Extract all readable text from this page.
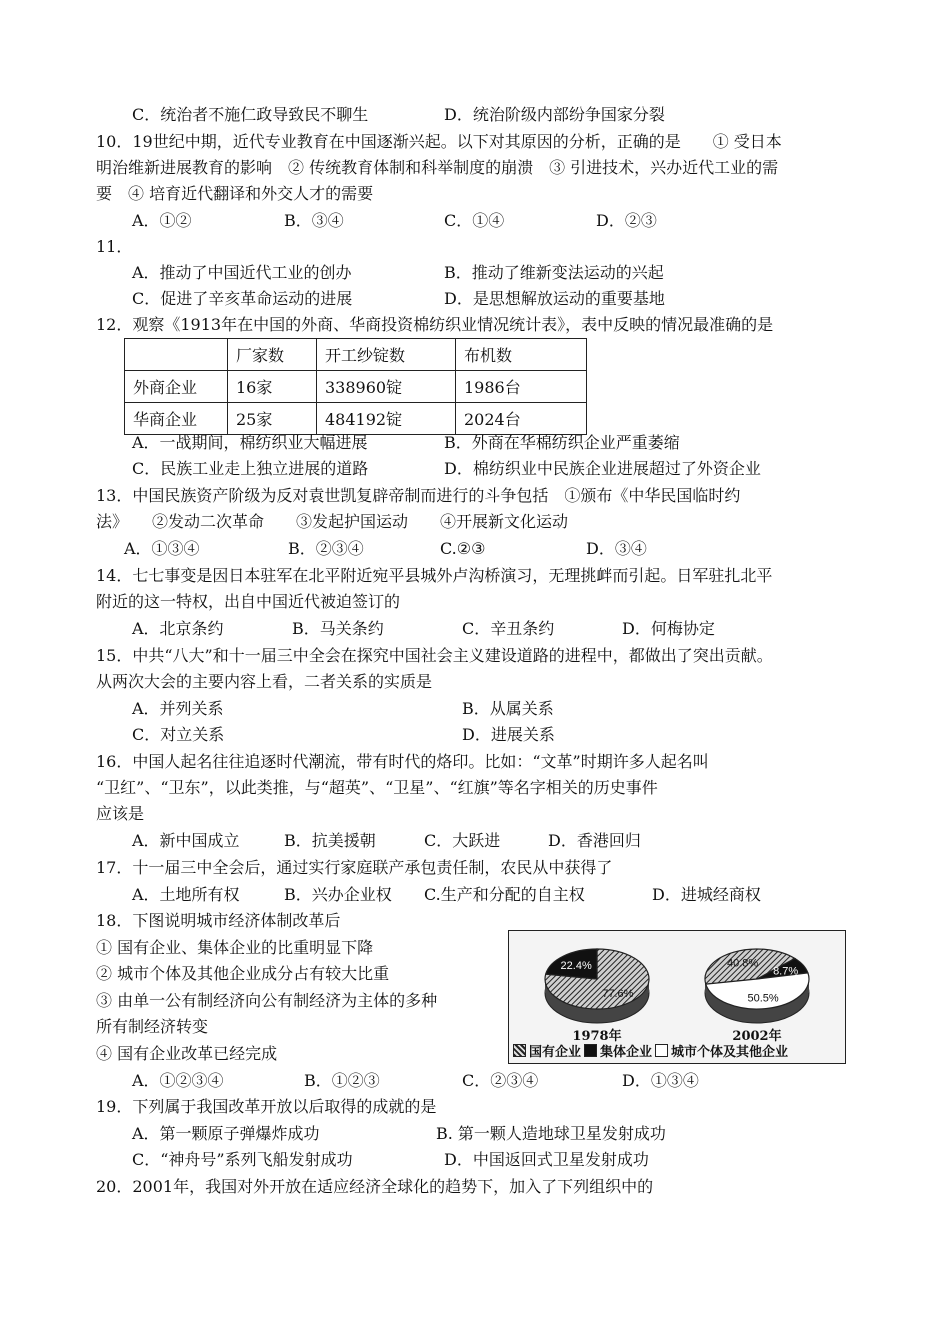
C．统治者不施仁政导致民不聊生	D．统治阶级内部纷争国家分裂
10．19世纪中期，近代专业教育在中国逐渐兴起。以下对其原因的分析，正确的是　　① 受日本
明治维新进展教育的影响　② 传统教育体制和科举制度的崩溃　③ 引进技术，兴办近代工业的需
要　④ 培育近代翻译和外交人才的需要
A．①②	B．③④	C．①④	D．②③
11．
A．推动了中国近代工业的创办	B．推动了维新变法运动的兴起
C．促进了辛亥革命运动的进展	D．是思想解放运动的重要基地
12．观察《1913年在中国的外商、华商投资棉纺织业情况统计表》，表中反映的情况最准确的是
	厂家数	开工纱锭数	布机数
外商企业	16家	338960锭	1986台
华商企业	25家	484192锭	2024台
A．一战期间，棉纺织业大幅进展	B．外商在华棉纺织企业严重萎缩
C．民族工业走上独立进展的道路	D．棉纺织业中民族企业进展超过了外资企业
13．中国民族资产阶级为反对袁世凯复辟帝制而进行的斗争包括　①颁布《中华民国临时约
法》　　②发动二次革命　　③发起护国运动　　④开展新文化运动
A．①③④	B．②③④	C.②③	D．③④
14．七七事变是因日本驻军在北平附近宛平县城外卢沟桥演习，无理挑衅而引起。日军驻扎北平
附近的这一特权，出自中国近代被迫签订的
A．北京条约	B．马关条约	C．辛丑条约	D．何梅协定
15．中共“八大”和十一届三中全会在探究中国社会主义建设道路的进程中，都做出了突出贡献。
从两次大会的主要内容上看，二者关系的实质是
A．并列关系	B．从属关系
C．对立关系	D．进展关系
16．中国人起名往往追逐时代潮流，带有时代的烙印。比如：“文革”时期许多人起名叫
“卫红”、“卫东”，以此类推，与“超英”、“卫星”、“红旗”等名字相关的历史事件
应该是
A．新中国成立	B．抗美援朝	C．大跃进	D．香港回归
17．十一届三中全会后，通过实行家庭联产承包责任制，农民从中获得了
A．土地所有权	B．兴办企业权 C.生产和分配的自主权	D．进城经商权
18．下图说明城市经济体制改革后
① 国有企业、集体企业的比重明显下降
② 城市个体及其他企业成分占有较大比重
③ 由单一公有制经济向公有制经济为主体的多种
所有制经济转变
④ 国有企业改革已经完成
77.6%
22.4%
1978年
40.8%
8.7%
50.5%
2002年
国有企业 集体企业 城市个体及其他企业
A．①②③④	B．①②③	C．②③④	D．①③④
19．下列属于我国改革开放以后取得的成就的是
A．第一颗原子弹爆炸成功	B. 第一颗人造地球卫星发射成功
C．“神舟号”系列飞船发射成功	D．中国返回式卫星发射成功
20．2001年，我国对外开放在适应经济全球化的趋势下，加入了下列组织中的
